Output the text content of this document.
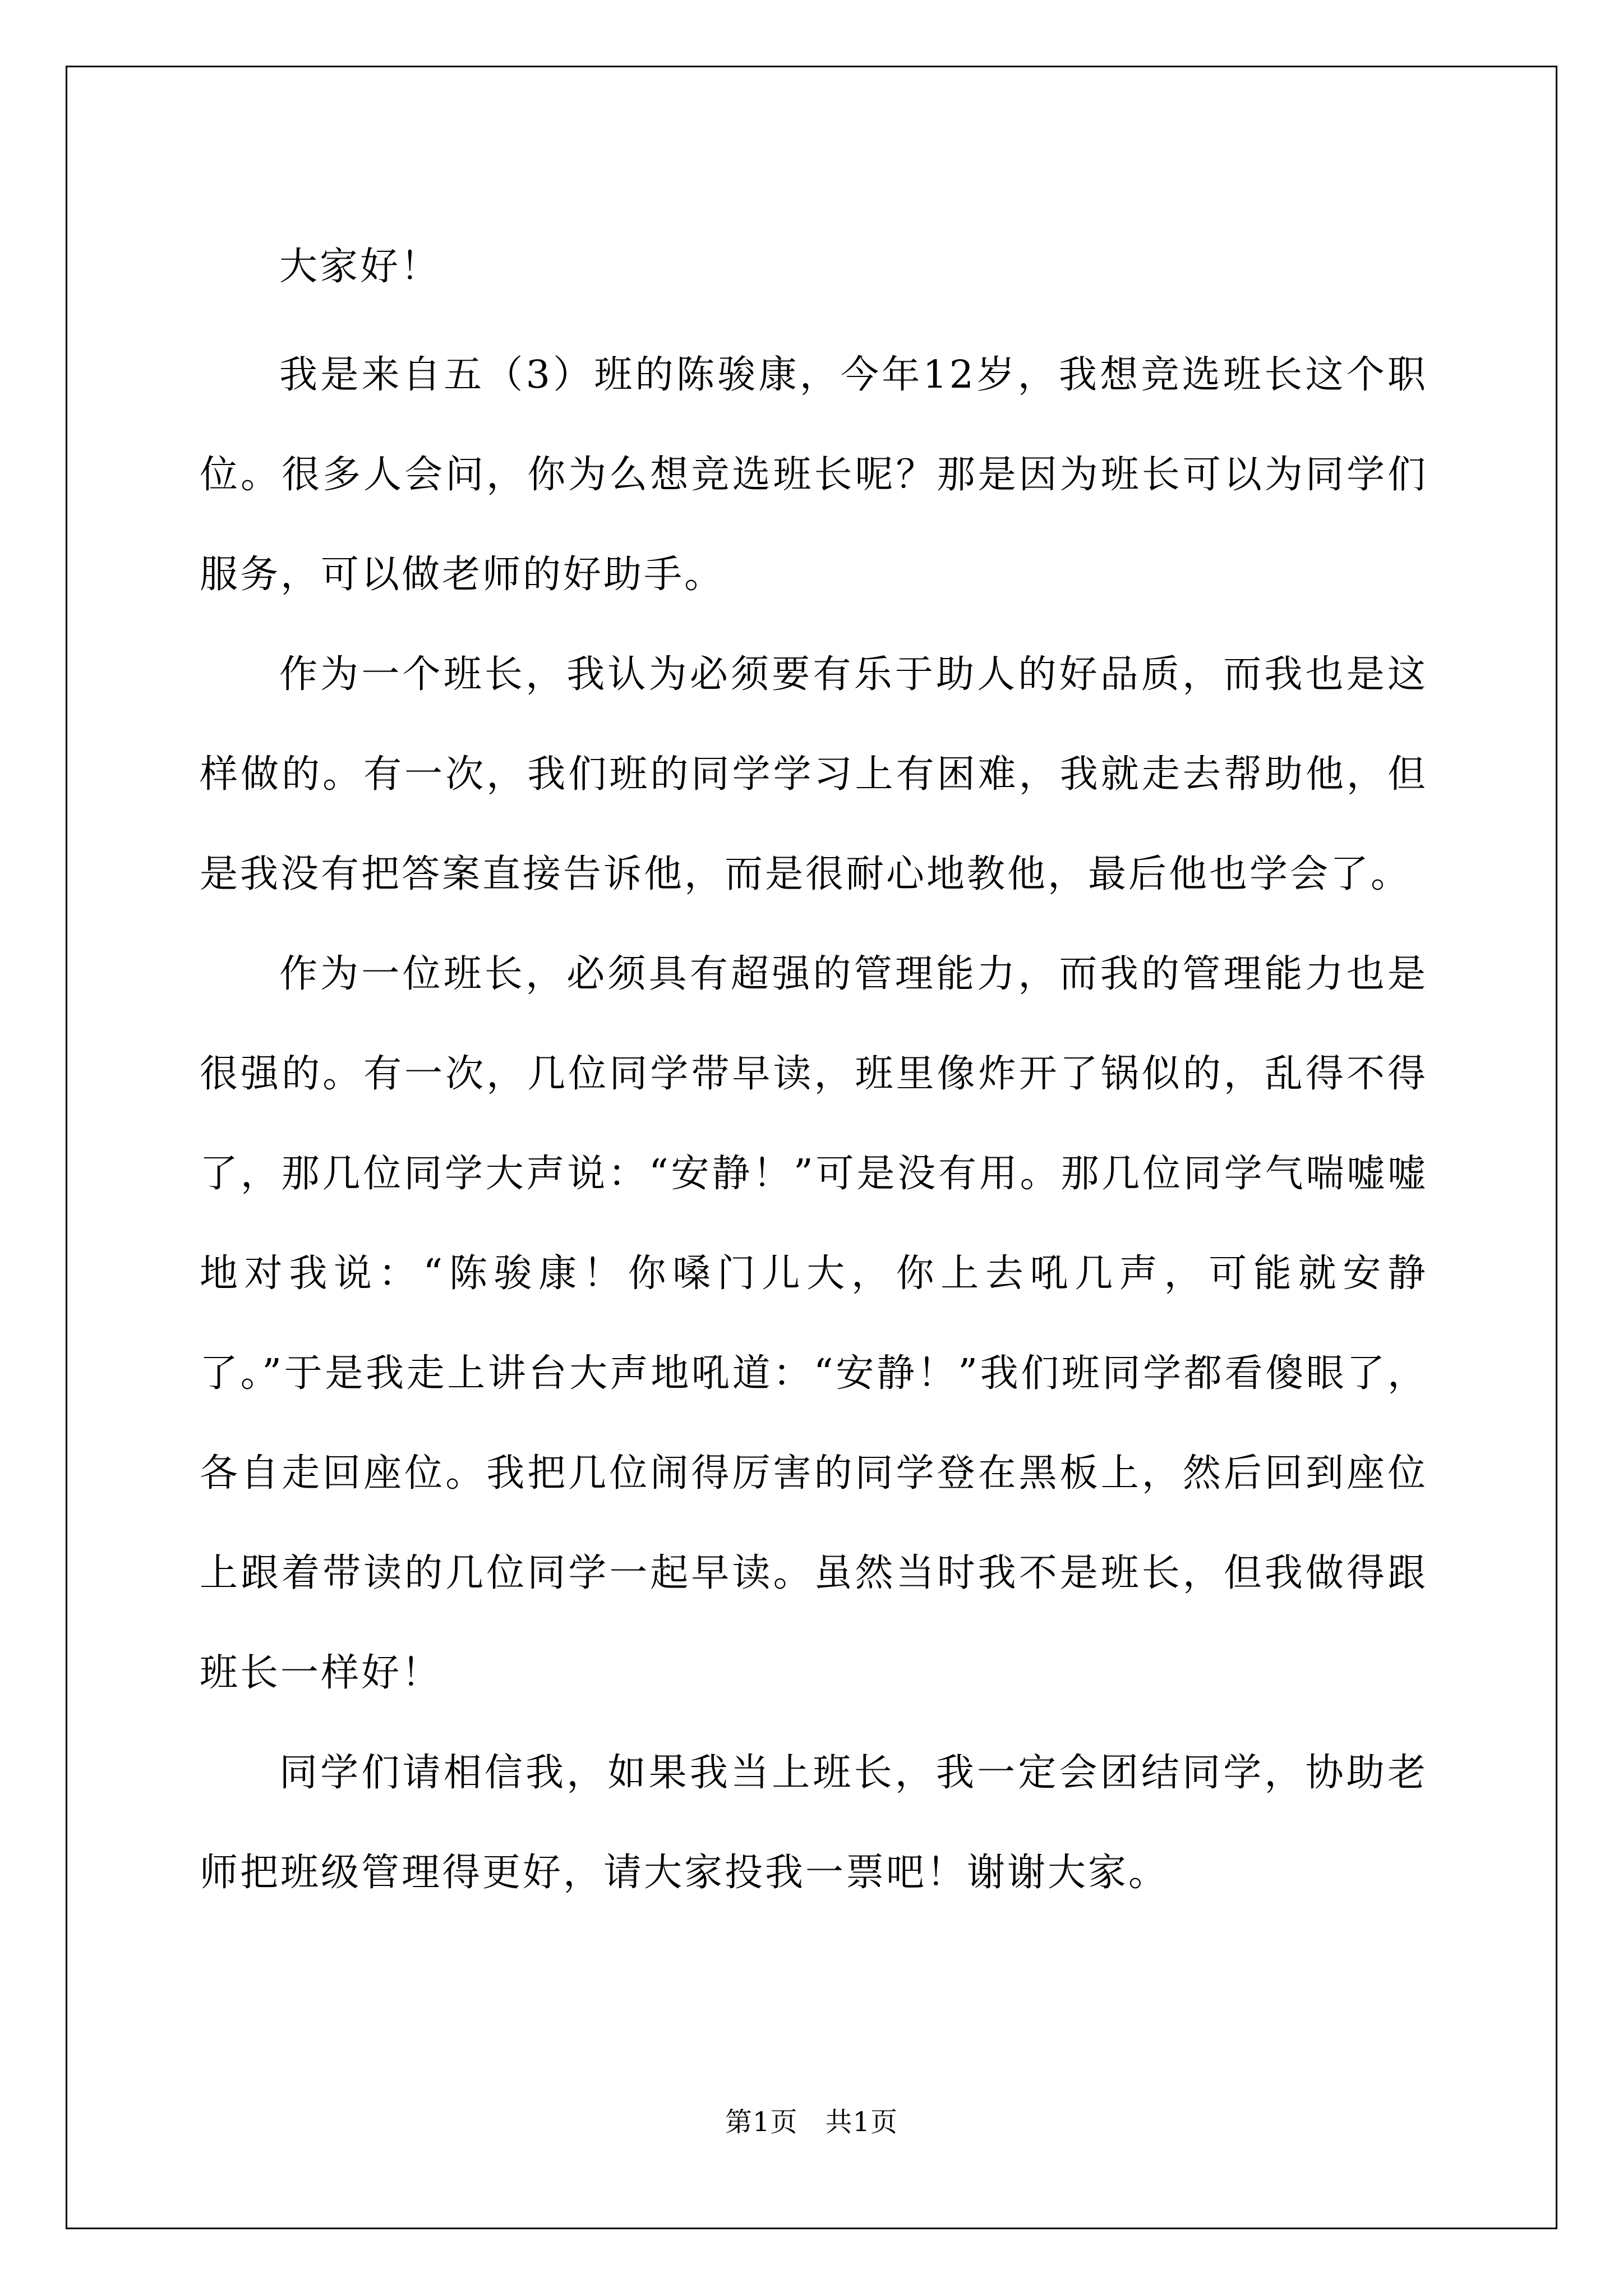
大家好！

我是来自五（3）班的陈骏康，今年12岁，我想竞选班长这个职位。很多人会问，你为么想竞选班长呢？那是因为班长可以为同学们服务，可以做老师的好助手。

作为一个班长，我认为必须要有乐于助人的好品质，而我也是这样做的。有一次，我们班的同学学习上有困难，我就走去帮助他，但是我没有把答案直接告诉他，而是很耐心地教他，最后他也学会了。

作为一位班长，必须具有超强的管理能力，而我的管理能力也是很强的。有一次，几位同学带早读，班里像炸开了锅似的，乱得不得了，那几位同学大声说：“安静！”可是没有用。那几位同学气喘嘘嘘地对我说：“陈骏康！你嗓门儿大，你上去吼几声，可能就安静了。”于是我走上讲台大声地吼道：“安静！”我们班同学都看傻眼了，各自走回座位。我把几位闹得厉害的同学登在黑板上，然后回到座位上跟着带读的几位同学一起早读。虽然当时我不是班长，但我做得跟班长一样好！

同学们请相信我，如果我当上班长，我一定会团结同学，协助老师把班级管理得更好，请大家投我一票吧！谢谢大家。

第1页　共1页
